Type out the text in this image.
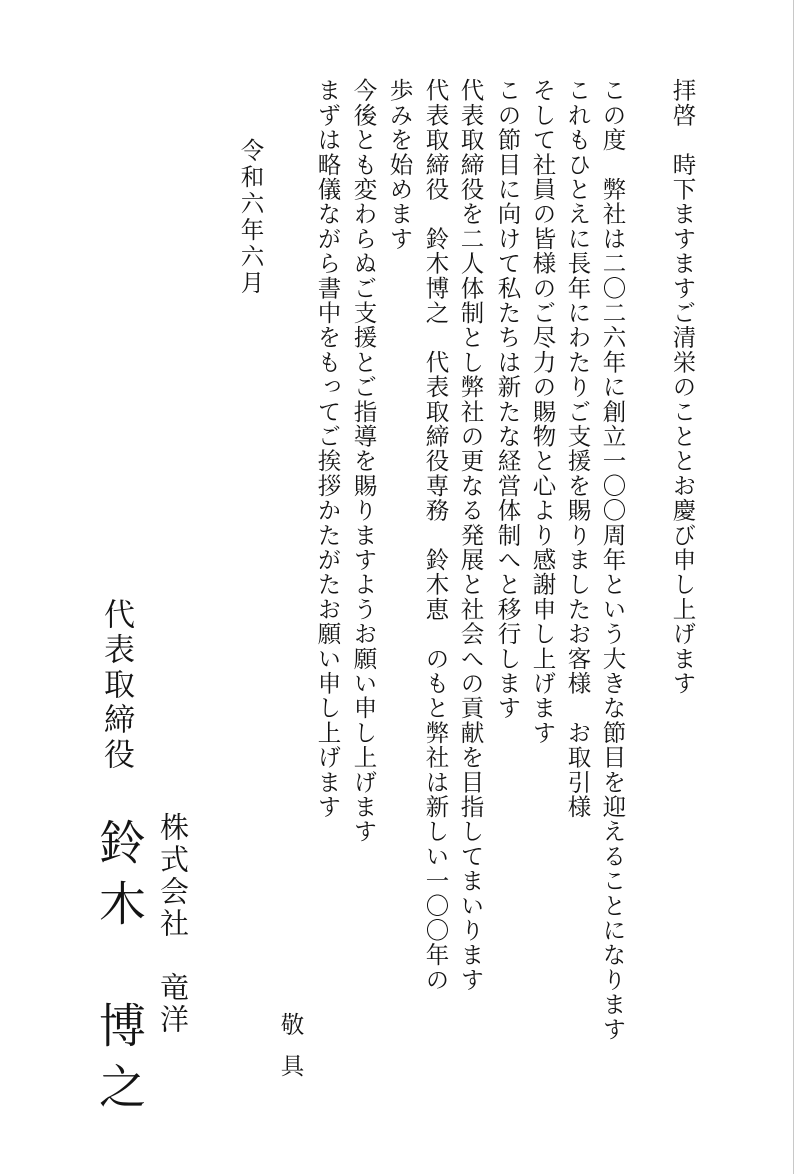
拝啓　時下ますますご清栄のこととお慶び申し上げます
この度　弊社は二〇二六年に創立一〇〇周年という大きな節目を迎えることになります
これもひとえに長年にわたりご支援を賜りましたお客様　お取引様
そして社員の皆様のご尽力の賜物と心より感謝申し上げます
この節目に向けて私たちは新たな経営体制へと移行します
代表取締役を二人体制とし弊社の更なる発展と社会への貢献を目指してまいります
代表取締役　鈴木博之　代表取締役専務　鈴木恵　のもと弊社は新しい一〇〇年の
歩みを始めます
今後とも変わらぬご支援とご指導を賜りますようお願い申し上げます
まずは略儀ながら書中をもってご挨拶かたがたお願い申し上げます
敬具
令和六年六月
株式会社　竜洋
代表取締役
鈴木　博之
